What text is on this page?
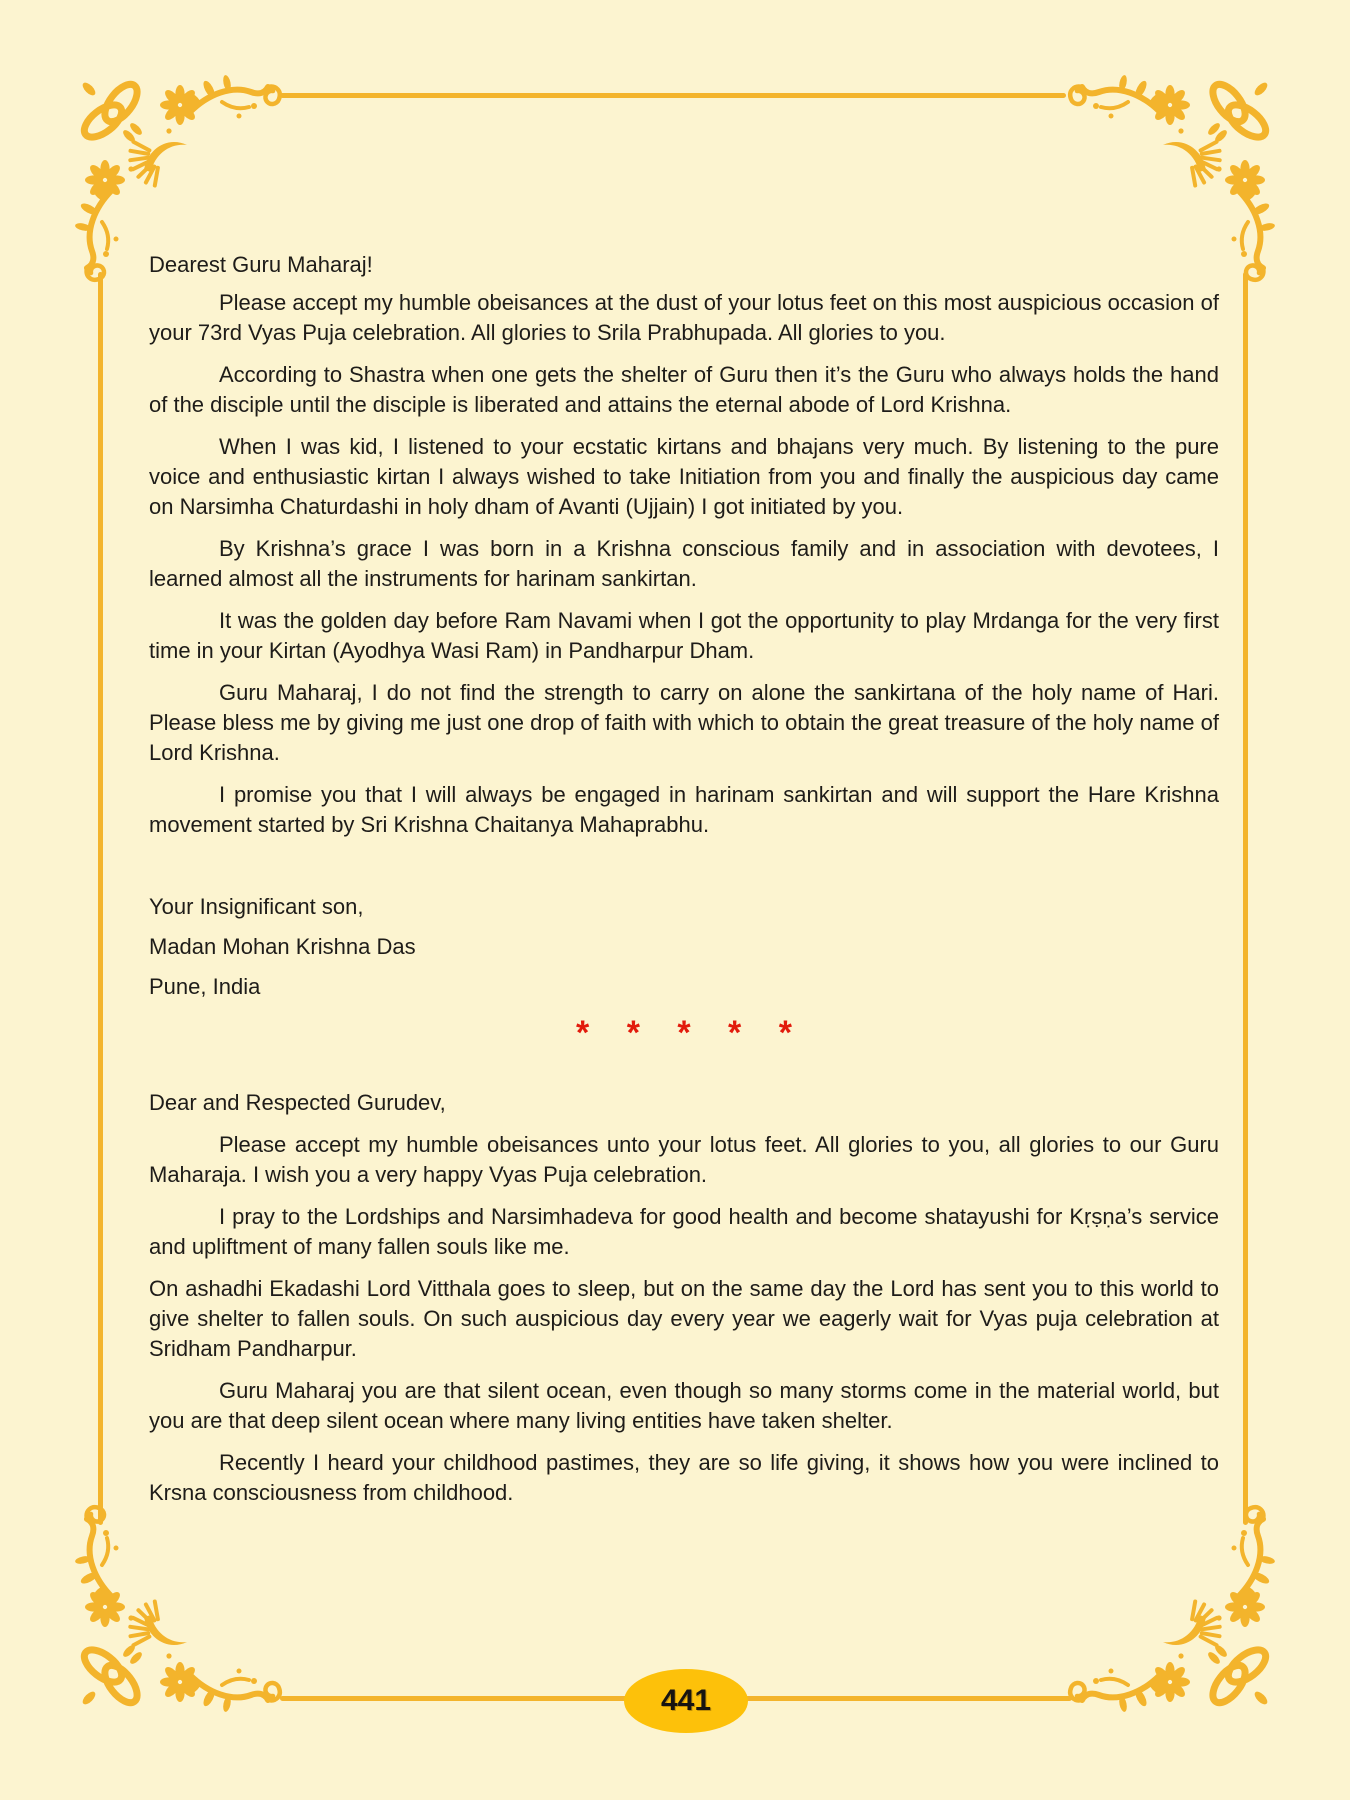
Dearest Guru Maharaj!

Please accept my humble obeisances at the dust of your lotus feet on this most auspicious occasion of your 73rd Vyas Puja celebration. All glories to Srila Prabhupada. All glories to you.

According to Shastra when one gets the shelter of Guru then it’s the Guru who always holds the hand of the disciple until the disciple is liberated and attains the eternal abode of Lord Krishna.

When I was kid, I listened to your ecstatic kirtans and bhajans very much. By listening to the pure voice and enthusiastic kirtan I always wished to take Initiation from you and finally the auspicious day came on Narsimha Chaturdashi in holy dham of Avanti (Ujjain) I got initiated by you.

By Krishna’s grace I was born in a Krishna conscious family and in association with devotees, I learned almost all the instruments for harinam sankirtan.

It was the golden day before Ram Navami when I got the opportunity to play Mrdanga for the very first time in your Kirtan (Ayodhya Wasi Ram) in Pandharpur Dham.

Guru Maharaj, I do not find the strength to carry on alone the sankirtana of the holy name of Hari. Please bless me by giving me just one drop of faith with which to obtain the great treasure of the holy name of Lord Krishna.

I promise you that I will always be engaged in harinam sankirtan and will support the Hare Krishna movement started by Sri Krishna Chaitanya Mahaprabhu.

Your Insignificant son,

Madan Mohan Krishna Das

Pune, India

* * * * *

Dear and Respected Gurudev,

Please accept my humble obeisances unto your lotus feet. All glories to you, all glories to our Guru Maharaja. I wish you a very happy Vyas Puja celebration.

I pray to the Lordships and Narsimhadeva for good health and become shatayushi for Kṛṣṇa’s service and upliftment of many fallen souls like me.

On ashadhi Ekadashi Lord Vitthala goes to sleep, but on the same day the Lord has sent you to this world to give shelter to fallen souls. On such auspicious day every year we eagerly wait for Vyas puja celebration at Sridham Pandharpur.

Guru Maharaj you are that silent ocean, even though so many storms come in the material world, but you are that deep silent ocean where many living entities have taken shelter.

Recently I heard your childhood pastimes, they are so life giving, it shows how you were inclined to Krsna consciousness from childhood.

441
